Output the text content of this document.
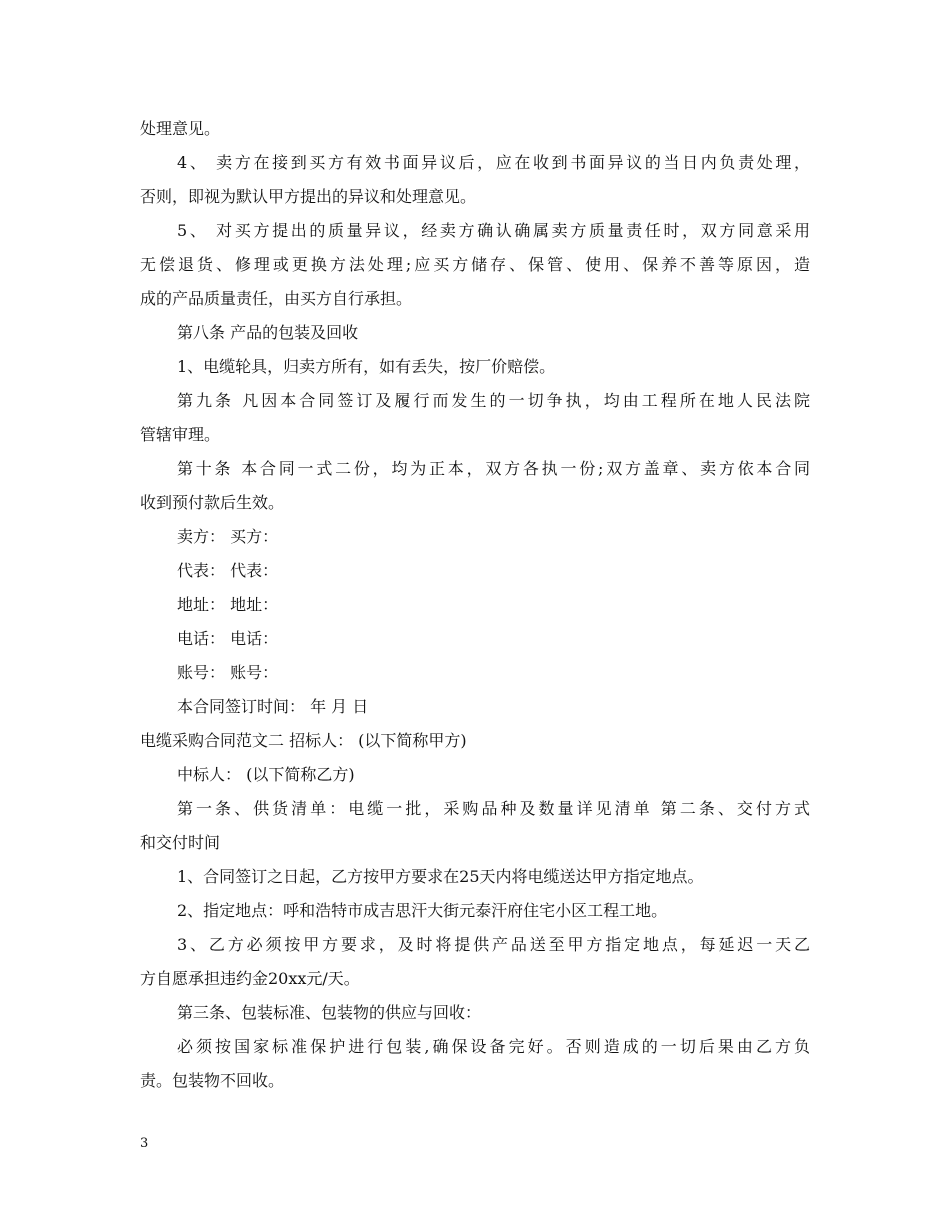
处理意见。
4、 卖方在接到买方有效书面异议后，应在收到书面异议的当日内负责处理，
否则，即视为默认甲方提出的异议和处理意见。
5、 对买方提出的质量异议，经卖方确认确属卖方质量责任时，双方同意采用
无偿退货、修理或更换方法处理;应买方储存、保管、使用、保养不善等原因，造
成的产品质量责任，由买方自行承担。
第八条 产品的包装及回收
1、电缆轮具，归卖方所有，如有丢失，按厂价赔偿。
第九条 凡因本合同签订及履行而发生的一切争执，均由工程所在地人民法院
管辖审理。
第十条 本合同一式二份，均为正本，双方各执一份;双方盖章、卖方依本合同
收到预付款后生效。
卖方： 买方：
代表： 代表：
地址： 地址：
电话： 电话：
账号： 账号：
本合同签订时间： 年 月 日
电缆采购合同范文二 招标人： (以下简称甲方)
中标人： (以下简称乙方)
第一条、供货清单：电缆一批，采购品种及数量详见清单 第二条、交付方式
和交付时间
1、合同签订之日起，乙方按甲方要求在25天内将电缆送达甲方指定地点。
2、指定地点：呼和浩特市成吉思汗大街元泰汗府住宅小区工程工地。
3、乙方必须按甲方要求，及时将提供产品送至甲方指定地点，每延迟一天乙
方自愿承担违约金20xx元/天。
第三条、包装标准、包装物的供应与回收：
必须按国家标准保护进行包装,确保设备完好。否则造成的一切后果由乙方负
责。包装物不回收。
3
